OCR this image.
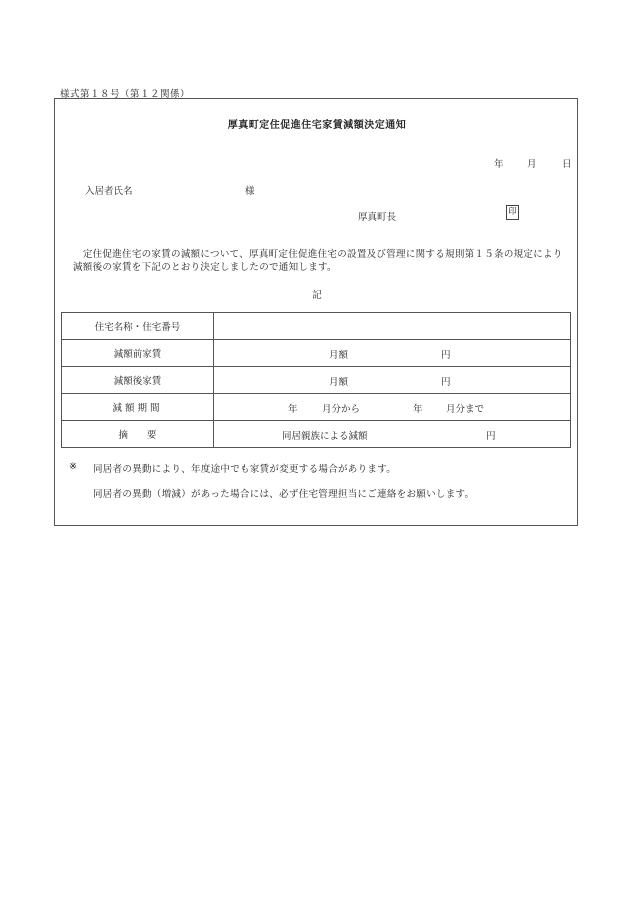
様式第１８号（第１２関係）
厚真町定住促進住宅家賃減額決定通知
年 月	日
入居者氏名	様
厚真町長	印
　定住促進住宅の家賃の減額について、厚真町定住促進住宅の設置及び管理に関する規則第１５条の規定により減額後の家賃を下記のとおり決定しましたので通知します。
記
住宅名称・住宅番号	
減額前家賃	月額 円

減額後家賃	月額 円

減額期間	年 月分から 年 月分まで

摘　　要	同居親族による減額 円
※ 同居者の異動により、年度途中でも家賃が変更する場合があります。
同居者の異動（増減）があった場合には、必ず住宅管理担当にご連絡をお願いします。
